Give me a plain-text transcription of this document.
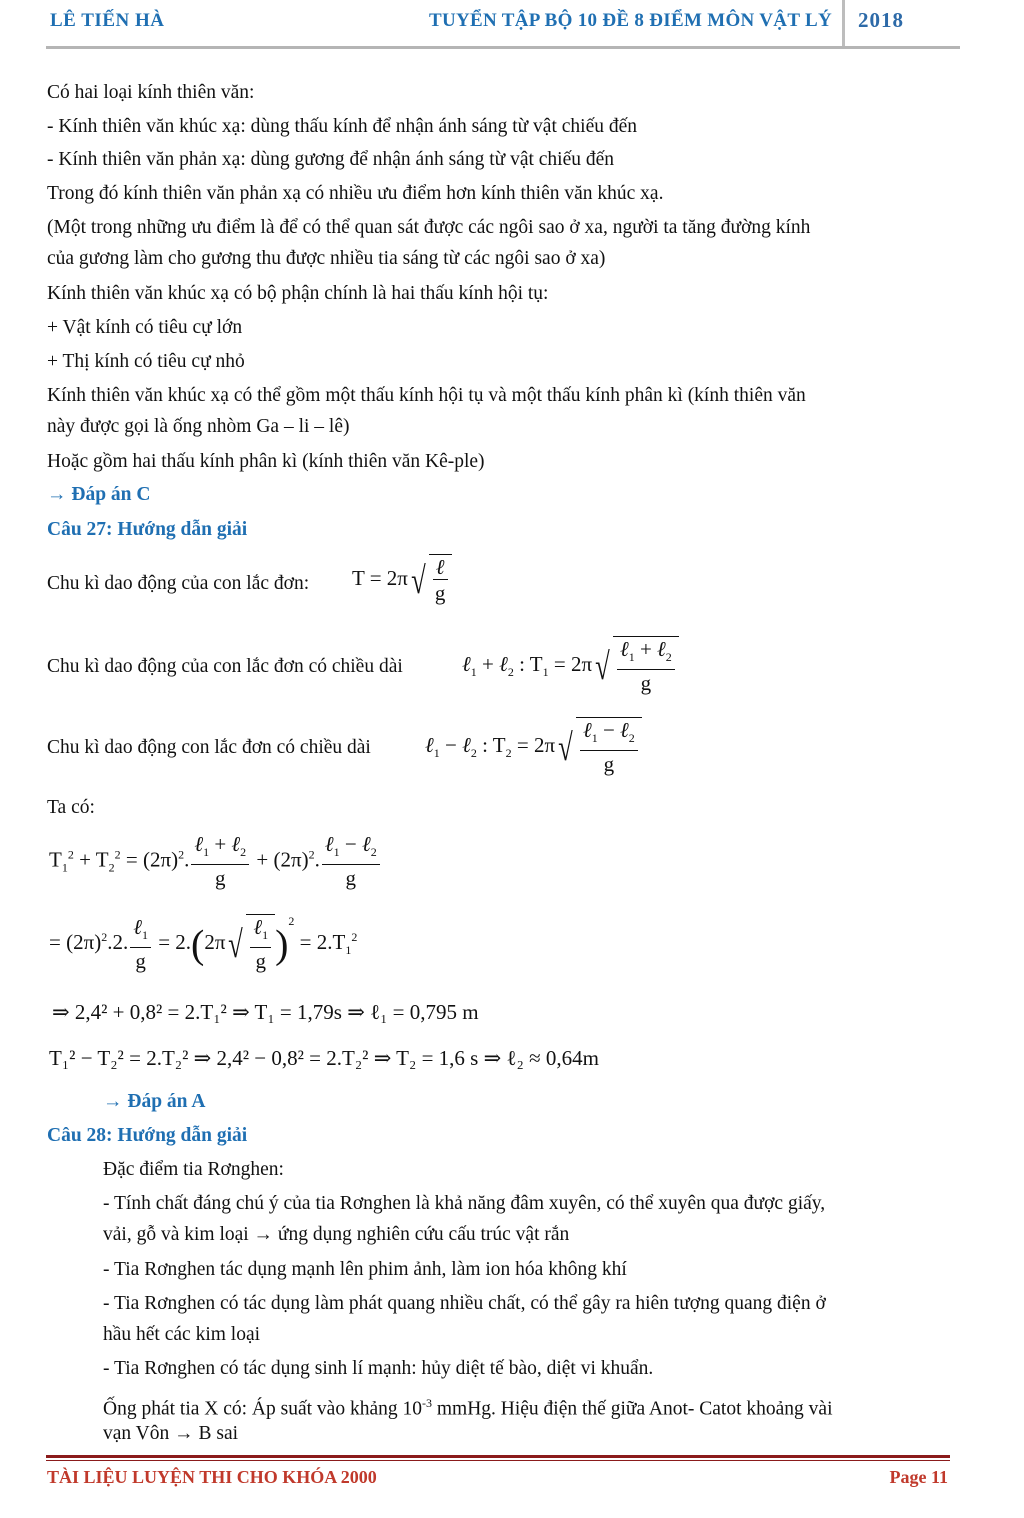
LÊ TIẾN HÀ	TUYỂN TẬP BỘ 10 ĐỀ 8 ĐIỂM MÔN VẬT LÝ 2018
Có hai loại kính thiên văn:
- Kính thiên văn khúc xạ: dùng thấu kính để nhận ánh sáng từ vật chiếu đến
- Kính thiên văn phản xạ: dùng gương để nhận ánh sáng từ vật chiếu đến
Trong đó kính thiên văn phản xạ có nhiều ưu điểm hơn kính thiên văn khúc xạ.
(Một trong những ưu điểm là để có thể quan sát được các ngôi sao ở xa, người ta tăng đường kính
của gương làm cho gương thu được nhiều tia sáng từ các ngôi sao ở xa)
Kính thiên văn khúc xạ có bộ phận chính là hai thấu kính hội tụ:
+ Vật kính có tiêu cự lớn
+ Thị kính có tiêu cự nhỏ
Kính thiên văn khúc xạ có thể gồm một thấu kính hội tụ và một thấu kính phân kì (kính thiên văn
này được gọi là ống nhòm Ga – li – lê)
Hoặc gồm hai thấu kính phân kì (kính thiên văn Kê-ple)
→ Đáp án C
Câu 27: Hướng dẫn giải
Chu kì dao động của con lắc đơn: $T = 2\pi√ \frac{\text{ℓ}}{g}$
Chu kì dao động của con lắc đơn có chiều dài	ℓ$_1$ + ℓ$_2$ : $T_1 = 2\pi√ \frac{\ell_1 + \ell_2}{g}$
Chu kì dao động con lắc đơn có chiều dài	ℓ$_1$ − ℓ$_2$ : $T_2 = 2\pi√ \frac{\ell_1 - \ell_2}{g}$
Ta có:
$T_1^2 + T_2^2 = (2\pi)^2$. $\frac{\ell_1 + \ell_2}{g} + (2\pi)^2$. $\frac{\ell_1 - \ell_2}{g}$
= $(2\pi)^2.2$. $\frac{\ell_1}{g} = 2.(2\pi√ \frac{\ell_1}{g} )^2 = 2.T_1^2$
⇒ 2,4² + 0,8² = 2.T₁² ⇒ T₁ = 1,79s ⇒ ℓ₁ = 0,795 m
T₁² − T₂² = 2.T₂² ⇒ 2,4² − 0,8² = 2.T₂² ⇒ T₂ = 1,6 s ⇒ ℓ₂ ≈ 0,64m
→ Đáp án A
Câu 28: Hướng dẫn giải
Đặc điểm tia Rơnghen:
- Tính chất đáng chú ý của tia Rơnghen là khả năng đâm xuyên, có thể xuyên qua được giấy,
vải, gỗ và kim loại → ứng dụng nghiên cứu cấu trúc vật rắn
- Tia Rơnghen tác dụng mạnh lên phim ảnh, làm ion hóa không khí
- Tia Rơnghen có tác dụng làm phát quang nhiều chất, có thể gây ra hiên tượng quang điện ở
hầu hết các kim loại
- Tia Rơnghen có tác dụng sinh lí mạnh: hủy diệt tế bào, diệt vi khuẩn.
Ống phát tia X có: Áp suất vào khảng $10^{-3}$ mmHg. Hiệu điện thế giữa Anot- Catot khoảng vài
vạn Vôn → B sai
TÀI LIỆU LUYỆN THI CHO KHÓA 2000	Page 11
